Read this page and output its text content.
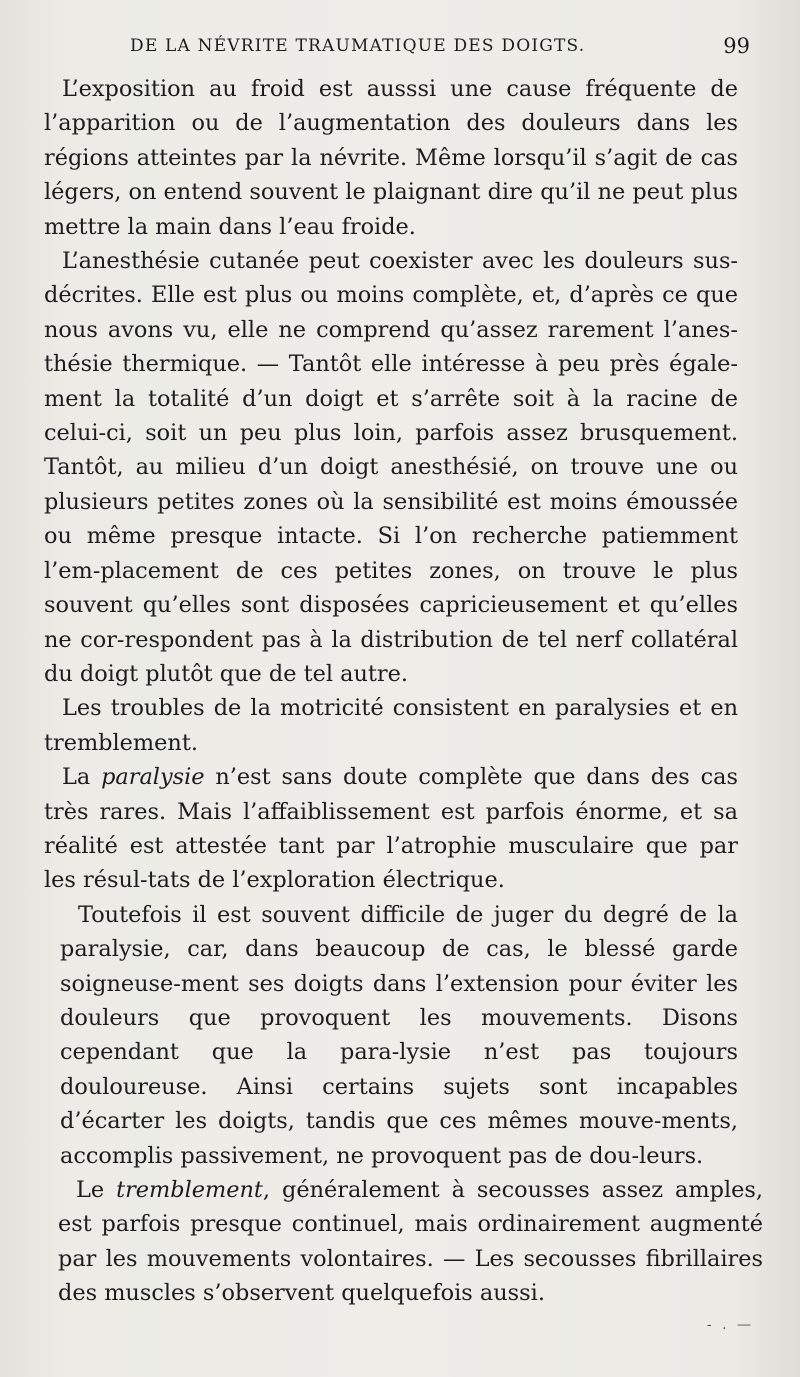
DE LA NÉVRITE TRAUMATIQUE DES DOIGTS.	99

L’exposition au froid est ausssi une cause fréquente de l’apparition ou de l’augmentation des douleurs dans les régions atteintes par la névrite. Même lorsqu’il s’agit de cas légers, on entend souvent le plaignant dire qu’il ne peut plus mettre la main dans l’eau froide.

L’anesthésie cutanée peut coexister avec les douleurs sus-décrites. Elle est plus ou moins complète, et, d’après ce que nous avons vu, elle ne comprend qu’assez rarement l’anes-thésie thermique. — Tantôt elle intéresse à peu près égale-ment la totalité d’un doigt et s’arrête soit à la racine de celui-ci, soit un peu plus loin, parfois assez brusquement. Tantôt, au milieu d’un doigt anesthésié, on trouve une ou plusieurs petites zones où la sensibilité est moins émoussée ou même presque intacte. Si l’on recherche patiemment l’em-placement de ces petites zones, on trouve le plus souvent qu’elles sont disposées capricieusement et qu’elles ne cor-respondent pas à la distribution de tel nerf collatéral du doigt plutôt que de tel autre.

Les troubles de la motricité consistent en paralysies et en tremblement.

La paralysie n’est sans doute complète que dans des cas très rares. Mais l’affaiblissement est parfois énorme, et sa réalité est attestée tant par l’atrophie musculaire que par les résul-tats de l’exploration électrique.

Toutefois il est souvent difficile de juger du degré de la paralysie, car, dans beaucoup de cas, le blessé garde soigneuse-ment ses doigts dans l’extension pour éviter les douleurs que provoquent les mouvements. Disons cependant que la para-lysie n’est pas toujours douloureuse. Ainsi certains sujets sont incapables d’écarter les doigts, tandis que ces mêmes mouve-ments, accomplis passivement, ne provoquent pas de dou-leurs.

Le tremblement, généralement à secousses assez amples, est parfois presque continuel, mais ordinairement augmenté par les mouvements volontaires. — Les secousses fibrillaires des muscles s’observent quelquefois aussi.

- . —
